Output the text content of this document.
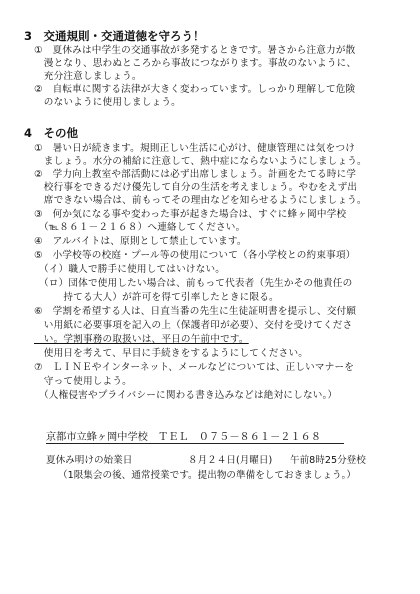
3　交通規則・交通道徳を守ろう！
①　夏休みは中学生の交通事故が多発するときです。暑さから注意力が散
　漫となり、思わぬところから事故につながります。事故のないように、
　充分注意しましょう。
②　自転車に関する法律が大きく変わっています。しっかり理解して危険
　のないように使用しましょう。
4　その他
①　暑い日が続きます。規則正しい生活に心がけ、健康管理には気をつけ
　ましょう。水分の補給に注意して、熱中症にならないようにしましょう。
②　学力向上教室や部活動には必ず出席しましょう。計画をたてる時に学
　校行事をできるだけ優先して自分の生活を考えましょう。やむをえず出
　席できない場合は、前もってその理由などを知らせるようにしましょう。
③　何か気になる事や変わった事が起きた場合は、すぐに蜂ヶ岡中学校
　（℡８６１－２１６８）へ連絡してください。
④　アルバイトは、原則として禁止しています。
⑤　小学校等の校庭・プール等の使用について（各小学校との約束事項）
　（イ）職人で勝手に使用してはいけない。
　（ロ）団体で使用したい場合は、前もって代表者（先生かその他責任の
　　　持てる大人）が許可を得て引率したときに限る。
⑥　学割を希望する人は、日直当番の先生に生徒証明書を提示し、交付願
　い用紙に必要事項を記入の上（保護者印が必要）、交付を受けてくださ
　い。学割事務の取扱いは、平日の午前中です。
　使用日を考えて、早目に手続きをするようにしてください。
⑦　ＬＩＮＥやインターネット、メールなどについては、正しいマナーを
　守って使用しよう。
　（人権侵害やプライバシーに関わる書き込みなどは絶対にしない。）
京都市立蜂ヶ岡中学校　ＴＥＬ　０７５－８６１－２１６８
夏休み明けの始業日	８月２４日(月曜日) 午前8時25分登校
（1限集会の後、通常授業です。提出物の準備をしておきましょう。）
